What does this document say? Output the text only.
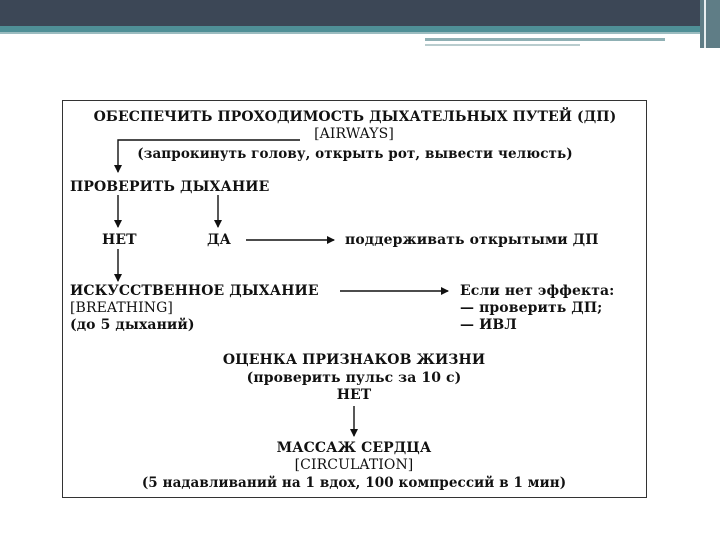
ОБЕСПЕЧИТЬ ПРОХОДИМОСТЬ ДЫХАТЕЛЬНЫХ ПУТЕЙ (ДП)
[AIRWAYS]
(запрокинуть голову, открыть рот, вывести челюсть)
ПРОВЕРИТЬ ДЫХАНИЕ
НЕТ	ДА	поддерживать открытыми ДП
ИСКУССТВЕННОЕ ДЫХАНИЕ
[BREATHING]
(до 5 дыханий)
Если нет эффекта:
— проверить ДП;
— ИВЛ
ОЦЕНКА ПРИЗНАКОВ ЖИЗНИ
(проверить пульс за 10 с)
НЕТ
МАССАЖ СЕРДЦА
[CIRCULATION]
(5 надавливаний на 1 вдох, 100 компрессий в 1 мин)
